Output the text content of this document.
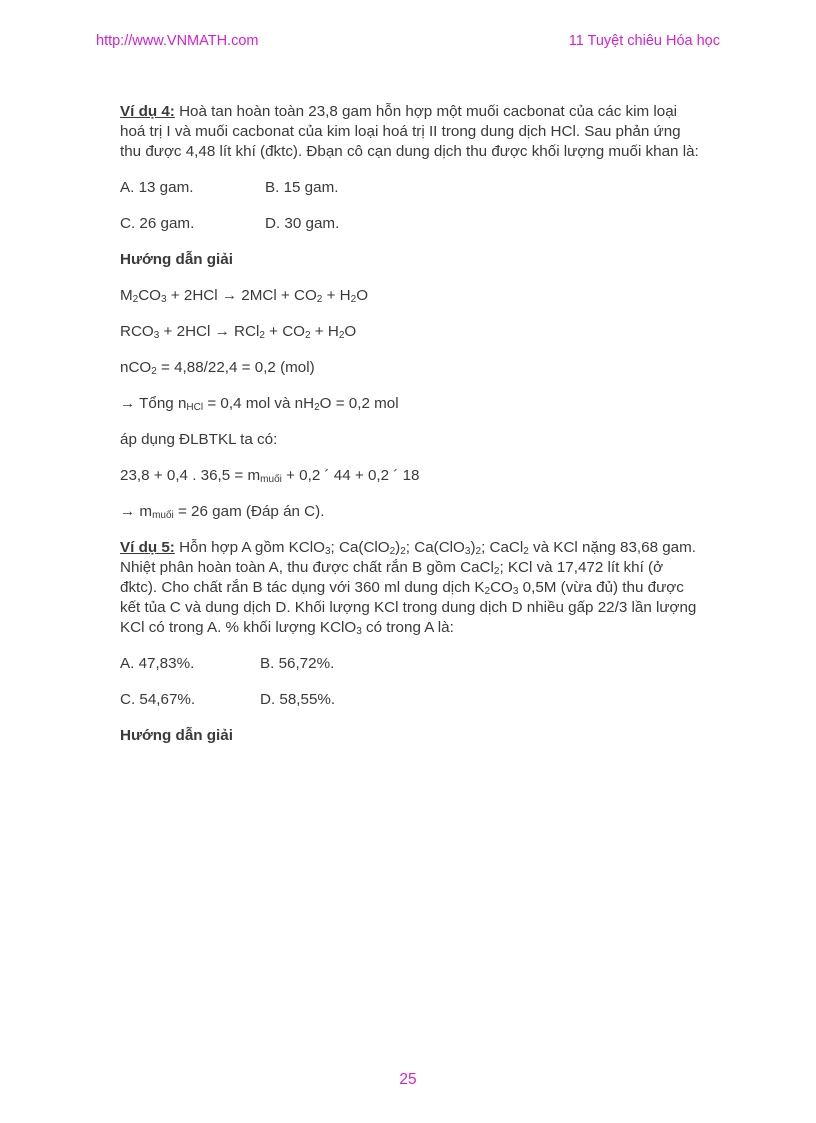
http://www.VNMATH.com	11 Tuyệt chiêu Hóa học

Ví dụ 4: Hoà tan hoàn toàn 23,8 gam hỗn hợp một muối cacbonat của các kim loại hoá trị I và muối cacbonat của kim loại hoá trị II trong dung dịch HCl. Sau phản ứng thu được 4,48 lít khí (đktc). Đbạn cô cạn dung dịch thu được khối lượng muối khan là:

A. 13 gam.	B. 15 gam.

C. 26 gam.	D. 30 gam.

Hướng dẫn giải

$M_2CO_3 + 2HCl \to 2MCl + CO_2 + H_2O$

$RCO_3 + 2HCl \to RCl_2 + CO_2 + H_2O$

nCO$_2$ = 4,88/22,4 = 0,2 (mol)

→ Tổng $n_{HCl} = 0,4$ mol và $nH_2O = 0,2$ mol

áp dụng ĐLBTKL ta có:

23,8 + 0,4 . $36,5 = m_{muối} + 0,2$ ´ 44 + 0,2 ´ 18

→ $m_{muối} = 26$ gam (Đáp án C).

Ví dụ 5: Hỗn hợp A gồm KClO$_3$; $Ca(ClO_2)_2$; $Ca(ClO_3)_2$; CaCl$_2$ và KCl nặng 83,68 gam. Nhiệt phân hoàn toàn A, thu được chất rắn B gồm CaCl$_2$; KCl và 17,472 lít khí (ở đktc). Cho chất rắn B tác dụng với 360 ml dung dịch $K_2CO_3$ 0,5M (vừa đủ) thu được kết tủa C và dung dịch D. Khối lượng KCl trong dung dịch D nhiều gấp 22/3 lần lượng KCl có trong A. % khối lượng KClO$_3$ có trong A là:

A. 47,83%.	B. 56,72%.

C. 54,67%.	D. 58,55%.

Hướng dẫn giải

25
